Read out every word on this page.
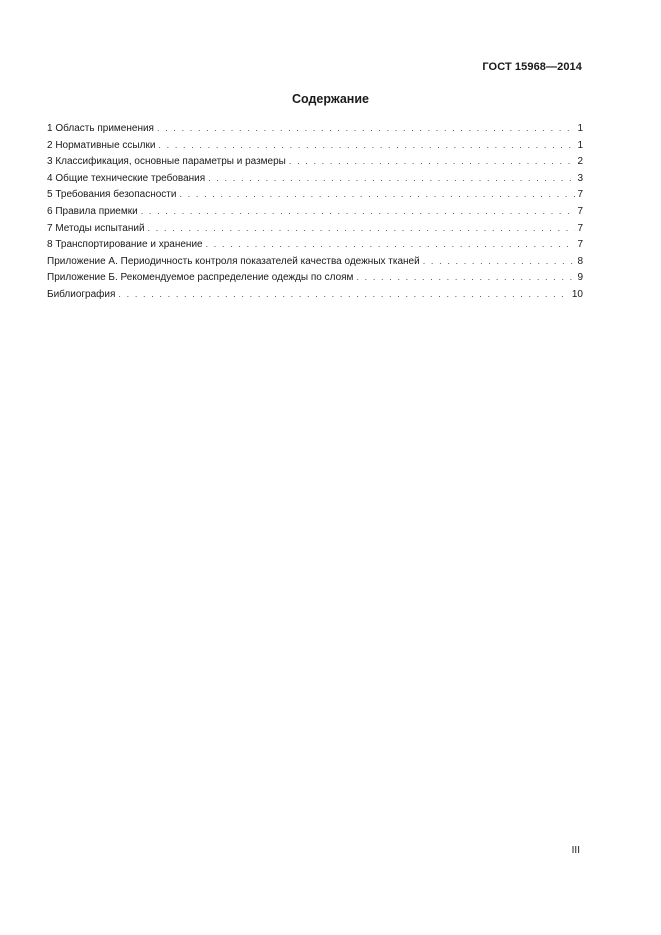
ГОСТ 15968—2014
Содержание
1 Область применения . . .	1
2 Нормативные ссылки . . .	1
3 Классификация, основные параметры и размеры . . .	2
4 Общие технические требования . . .	3
5 Требования безопасности . . .	7
6 Правила приемки . . .	7
7 Методы испытаний . . .	7
8 Транспортирование и хранение . . .	7
Приложение А. Периодичность контроля показателей качества одежных тканей . . .	8
Приложение Б. Рекомендуемое распределение одежды по слоям . . .	9
Библиография . . .	10
III
